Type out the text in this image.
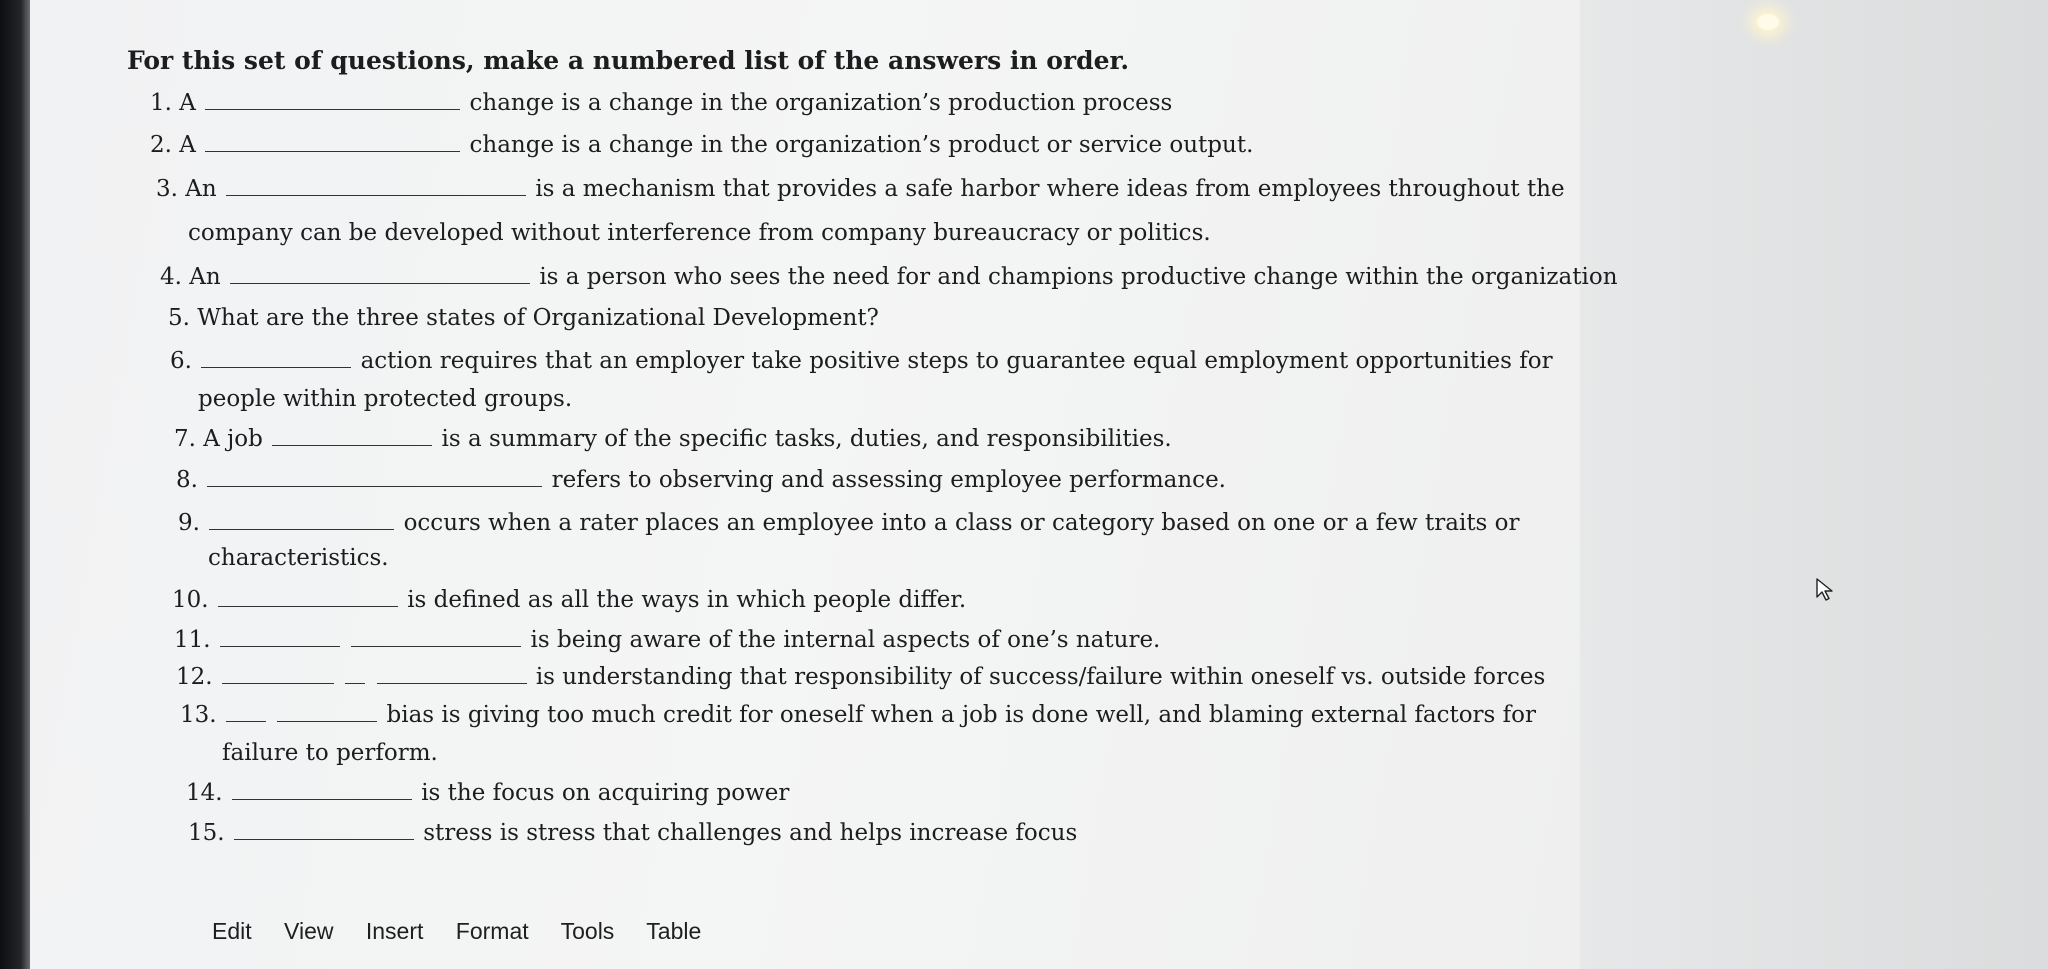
For this set of questions, make a numbered list of the answers in order.
1. A	change is a change in the organization’s production process
2. A	change is a change in the organization’s product or service output.
3. An	is a mechanism that provides a safe harbor where ideas from employees throughout the
company can be developed without interference from company bureaucracy or politics.
4. An	is a person who sees the need for and champions productive change within the organization
5. What are the three states of Organizational Development?
6.	action requires that an employer take positive steps to guarantee equal employment opportunities for
people within protected groups.
7. A job	is a summary of the specific tasks, duties, and responsibilities.
8.	refers to observing and assessing employee performance.
9.	occurs when a rater places an employee into a class or category based on one or a few traits or
characteristics.
10.	is defined as all the ways in which people differ.
11.	is being aware of the internal aspects of one’s nature.
12.	is understanding that responsibility of success/failure within oneself vs. outside forces
13.	bias is giving too much credit for oneself when a job is done well, and blaming external factors for
failure to perform.
14.	is the focus on acquiring power
15.	stress is stress that challenges and helps increase focus
Edit View Insert Format Tools Table
